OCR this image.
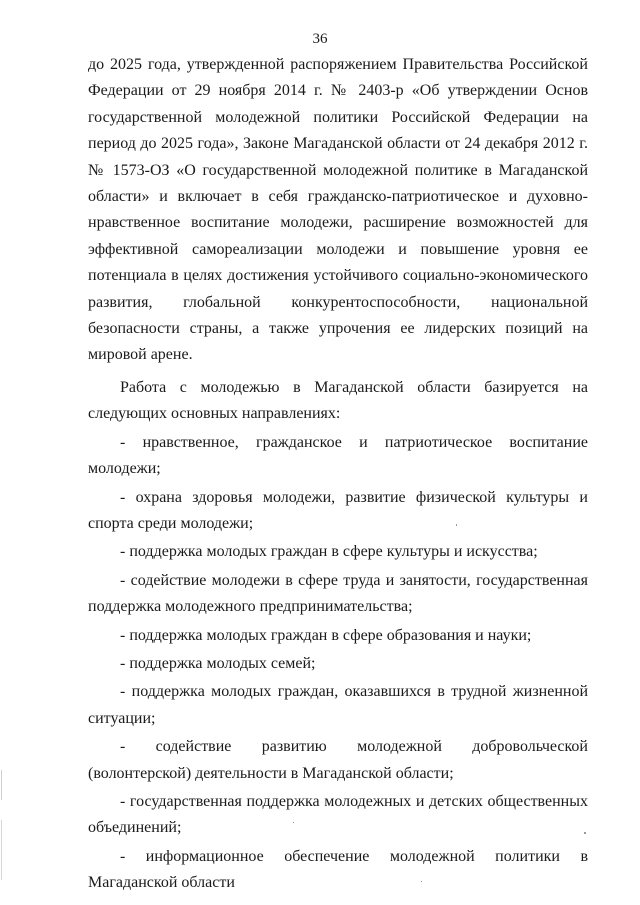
36

до 2025 года, утвержденной распоряжением Правительства Российской Федерации от 29 ноября 2014 г. № 2403-р «Об утверждении Основ государственной молодежной политики Российской Федерации на период до 2025 года», Законе Магаданской области от 24 декабря 2012 г. № 1573-ОЗ «О государственной молодежной политике в Магаданской области» и включает в себя гражданско-патриотическое и духовно-нравственное воспитание молодежи, расширение возможностей для эффективной самореализации молодежи и повышение уровня ее потенциала в целях достижения устойчивого социально-экономического развития, глобальной конкурентоспособности, национальной безопасности страны, а также упрочения ее лидерских позиций на мировой арене.

Работа с молодежью в Магаданской области базируется на следующих основных направлениях:

- нравственное, гражданское и патриотическое воспитание молодежи;

- охрана здоровья молодежи, развитие физической культуры и спорта среди молодежи;

- поддержка молодых граждан в сфере культуры и искусства;

- содействие молодежи в сфере труда и занятости, государственная поддержка молодежного предпринимательства;

- поддержка молодых граждан в сфере образования и науки;

- поддержка молодых семей;

- поддержка молодых граждан, оказавшихся в трудной жизненной ситуации;

- содействие развитию молодежной добровольческой (волонтерской) деятельности в Магаданской области;

- государственная поддержка молодежных и детских общественных объединений;

- информационное обеспечение молодежной политики в Магаданской области
